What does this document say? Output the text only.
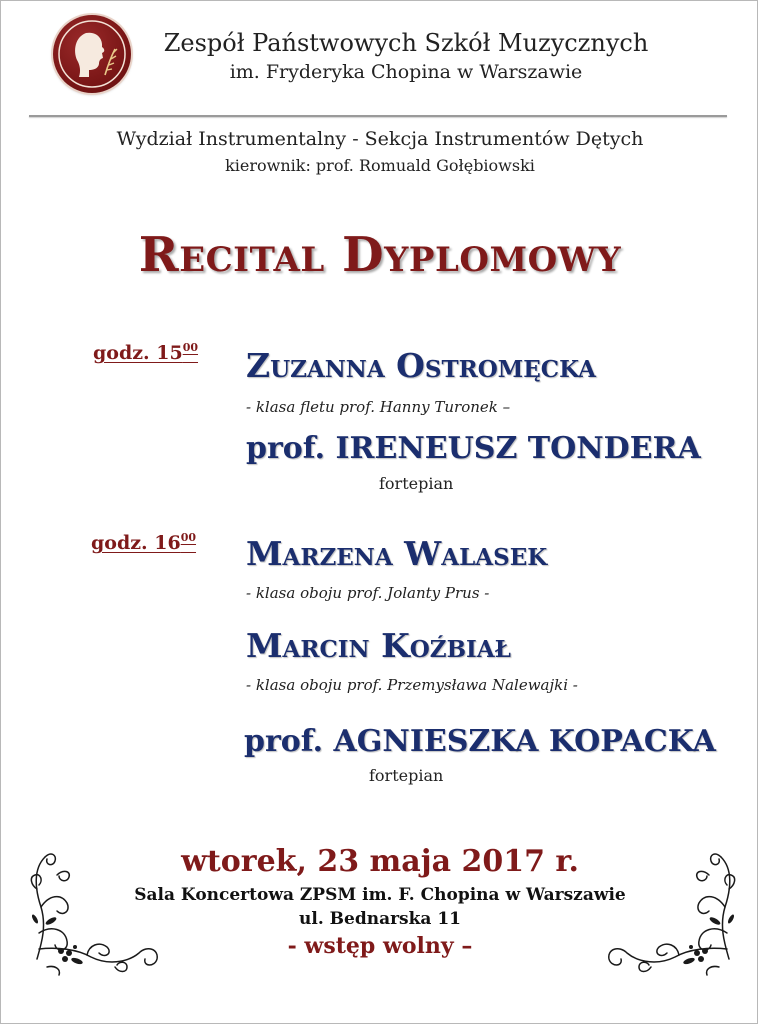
Zespół Państwowych Szkół Muzycznych
im. Fryderyka Chopina w Warszawie
Wydział Instrumentalny - Sekcja Instrumentów Dętych
kierownik: prof. Romuald Gołębiowski
Recital Dyplomowy
godz. $15^{00}$ Zuzanna Ostromęcka
- klasa fletu prof. Hanny Turonek –
prof. IRENEUSZ TONDERA
fortepian
godz. $16^{00}$ Marzena Walasek
- klasa oboju prof. Jolanty Prus -
Marcin Koźbiał
- klasa oboju prof. Przemysława Nalewajki -
prof. AGNIESZKA KOPACKA
fortepian
wtorek, 23 maja 2017 r.
Sala Koncertowa ZPSM im. F. Chopina w Warszawie
ul. Bednarska 11
- wstęp wolny –
